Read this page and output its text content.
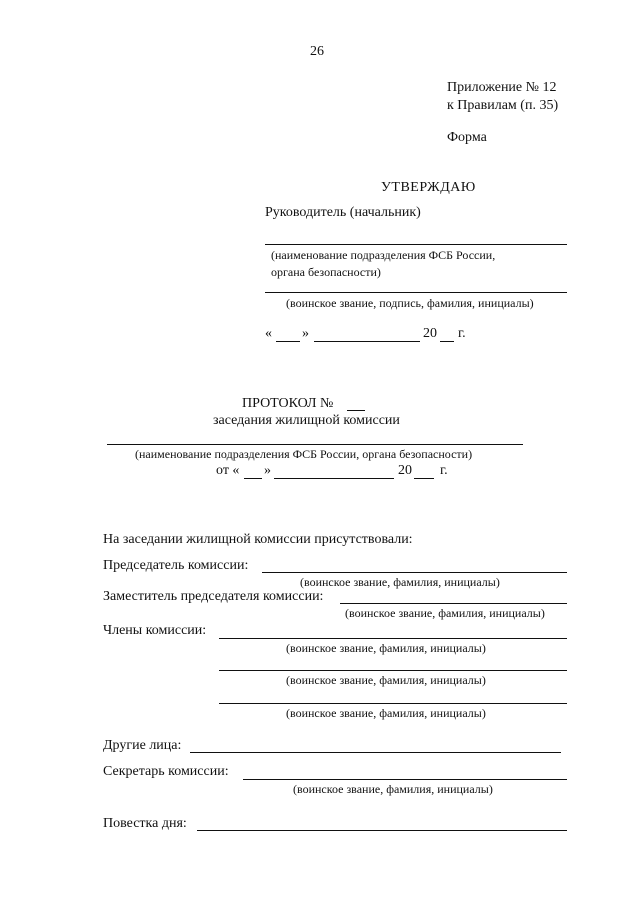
26
Приложение № 12
к Правилам (п. 35)
Форма
УТВЕРЖДАЮ
Руководитель (начальник)
(наименование подразделения ФСБ России,
органа безопасности)
(воинское звание, подпись, фамилия, инициалы)
« »	20 г.
ПРОТОКОЛ №
заседания жилищной комиссии
(наименование подразделения ФСБ России, органа безопасности)
от « »	20 г.
На заседании жилищной комиссии присутствовали:
Председатель комиссии:
(воинское звание, фамилия, инициалы)
Заместитель председателя комиссии:
(воинское звание, фамилия, инициалы)
Члены комиссии:
(воинское звание, фамилия, инициалы)
(воинское звание, фамилия, инициалы)
(воинское звание, фамилия, инициалы)
Другие лица:
Секретарь комиссии:
(воинское звание, фамилия, инициалы)
Повестка дня:
